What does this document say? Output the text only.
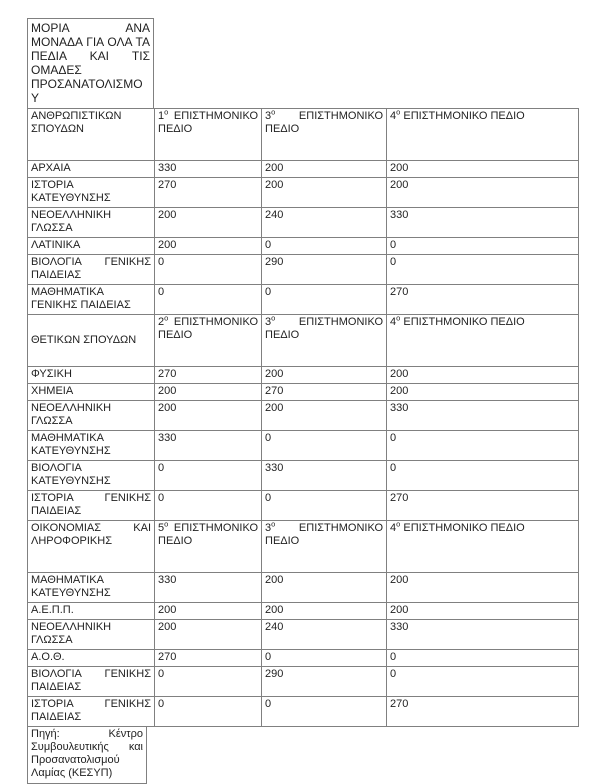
ΜΟΡΙΑ ΑΝΑ ΜΟΝΑΔΑ ΓΙΑ ΟΛΑ ΤΑ ΠΕΔΙΑ ΚΑΙ ΤΙΣ ΟΜΑΔΕΣ ΠΡΟΣΑΝΑΤΟΛΙΣΜΟΥ
ΑΝΘΡΩΠΙΣΤΙΚΩΝ ΣΠΟΥΔΩΝ	$1^o$ ΕΠΙΣΤΗΜΟΝΙΚΟ ΠΕΔΙΟ	$3^o$ ΕΠΙΣΤΗΜΟΝΙΚΟ ΠΕΔΙΟ	$4^o$ ΕΠΙΣΤΗΜΟΝΙΚΟ ΠΕΔΙΟ
ΑΡΧΑΙΑ	330	200	200
ΙΣΤΟΡΙΑ ΚΑΤΕΥΘΥΝΣΗΣ	270	200	200
ΝΕΟΕΛΛΗΝΙΚΗ ΓΛΩΣΣΑ	200	240	330
ΛΑΤΙΝΙΚΑ	200	0	0
ΒΙΟΛΟΓΙΑ ΓΕΝΙΚΗΣ ΠΑΙΔΕΙΑΣ	0	290	0
ΜΑΘΗΜΑΤΙΚΑ ΓΕΝΙΚΗΣ ΠΑΙΔΕΙΑΣ	0	0	270
ΘΕΤΙΚΩΝ ΣΠΟΥΔΩΝ	$2^o$ ΕΠΙΣΤΗΜΟΝΙΚΟ ΠΕΔΙΟ	$3^o$ ΕΠΙΣΤΗΜΟΝΙΚΟ ΠΕΔΙΟ	$4^o$ ΕΠΙΣΤΗΜΟΝΙΚΟ ΠΕΔΙΟ
ΦΥΣΙΚΗ	270	200	200
ΧΗΜΕΙΑ	200	270	200
ΝΕΟΕΛΛΗΝΙΚΗ ΓΛΩΣΣΑ	200	200	330
ΜΑΘΗΜΑΤΙΚΑ ΚΑΤΕΥΘΥΝΣΗΣ	330	0	0
ΒΙΟΛΟΓΙΑ ΚΑΤΕΥΘΥΝΣΗΣ	0	330	0
ΙΣΤΟΡΙΑ ΓΕΝΙΚΗΣ ΠΑΙΔΕΙΑΣ	0	0	270
ΟΙΚΟΝΟΜΙΑΣ ΚΑΙ ΛΗΡΟΦΟΡΙΚΗΣ	$5^o$ ΕΠΙΣΤΗΜΟΝΙΚΟ ΠΕΔΙΟ	$3^o$ ΕΠΙΣΤΗΜΟΝΙΚΟ ΠΕΔΙΟ	$4^o$ ΕΠΙΣΤΗΜΟΝΙΚΟ ΠΕΔΙΟ
ΜΑΘΗΜΑΤΙΚΑ ΚΑΤΕΥΘΥΝΣΗΣ	330	200	200
Α.Ε.Π.Π.	200	200	200
ΝΕΟΕΛΛΗΝΙΚΗ ΓΛΩΣΣΑ	200	240	330
Α.Ο.Θ.	270	0	0
ΒΙΟΛΟΓΙΑ ΓΕΝΙΚΗΣ ΠΑΙΔΕΙΑΣ	0	290	0
ΙΣΤΟΡΙΑ ΓΕΝΙΚΗΣ ΠΑΙΔΕΙΑΣ	0	0	270
Πηγή: Κέντρο Συμβουλευτικής και Προσανατολισμού Λαμίας (ΚΕΣΥΠ)
